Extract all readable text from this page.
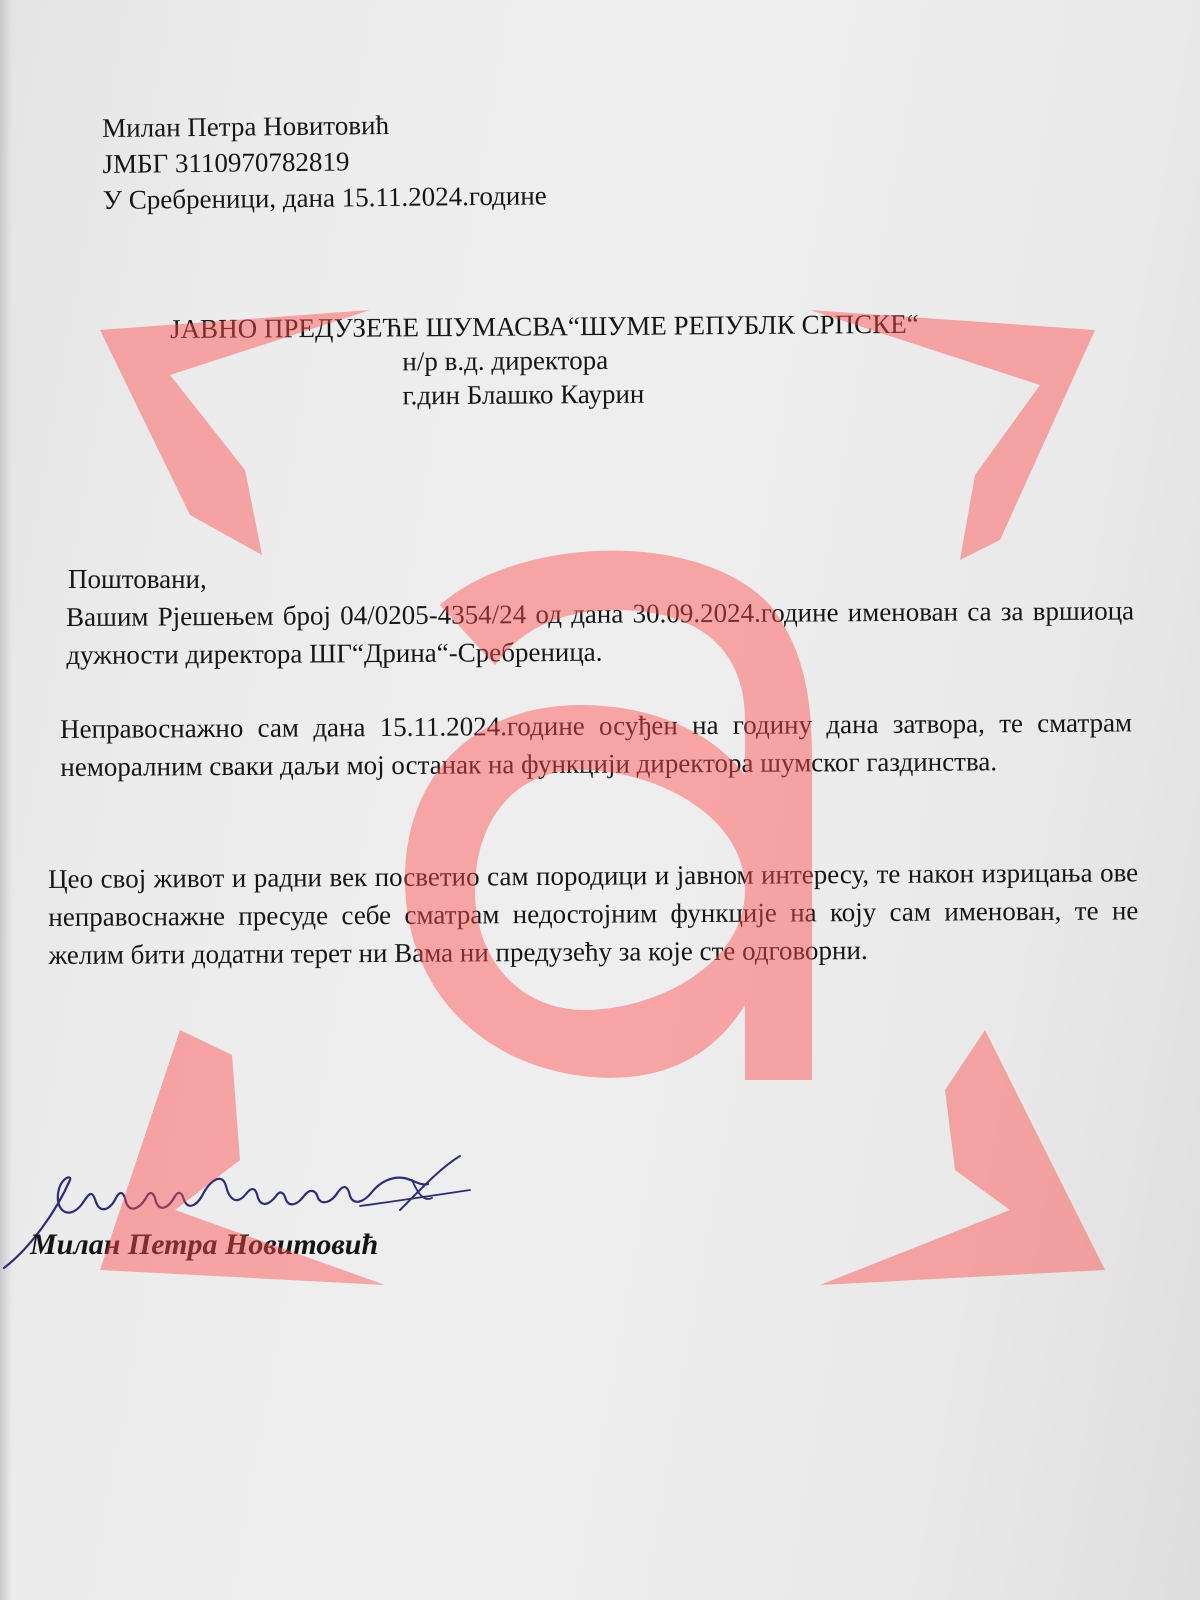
Милан Петра Новитовић
ЈМБГ 3110970782819
У Сребреници, дана 15.11.2024.године
ЈАВНО ПРЕДУЗЕЋЕ ШУМАСВА“ШУМЕ РЕПУБЛК СРПСКЕ“
н/р в.д. директора
г.дин Блашко Каурин
Поштовани,
Вашим Рјешењем број 04/0205-4354/24 од дана 30.09.2024.године именован са за вршиоца дужности директора ШГ“Дрина“-Сребреница.
Неправоснажно сам дана 15.11.2024.године осуђен на годину дана затвора, те сматрам неморалним сваки даљи мој останак на функцији директора шумског газдинства.
Цео свој живот и радни век посветио сам породици и јавном интересу, те након изрицања ове неправоснажне пресуде себе сматрам недостојним функције на коју сам именован, те не желим бити додатни терет ни Вама ни предузећу за које сте одговорни.
Милан Петра Новитовић
